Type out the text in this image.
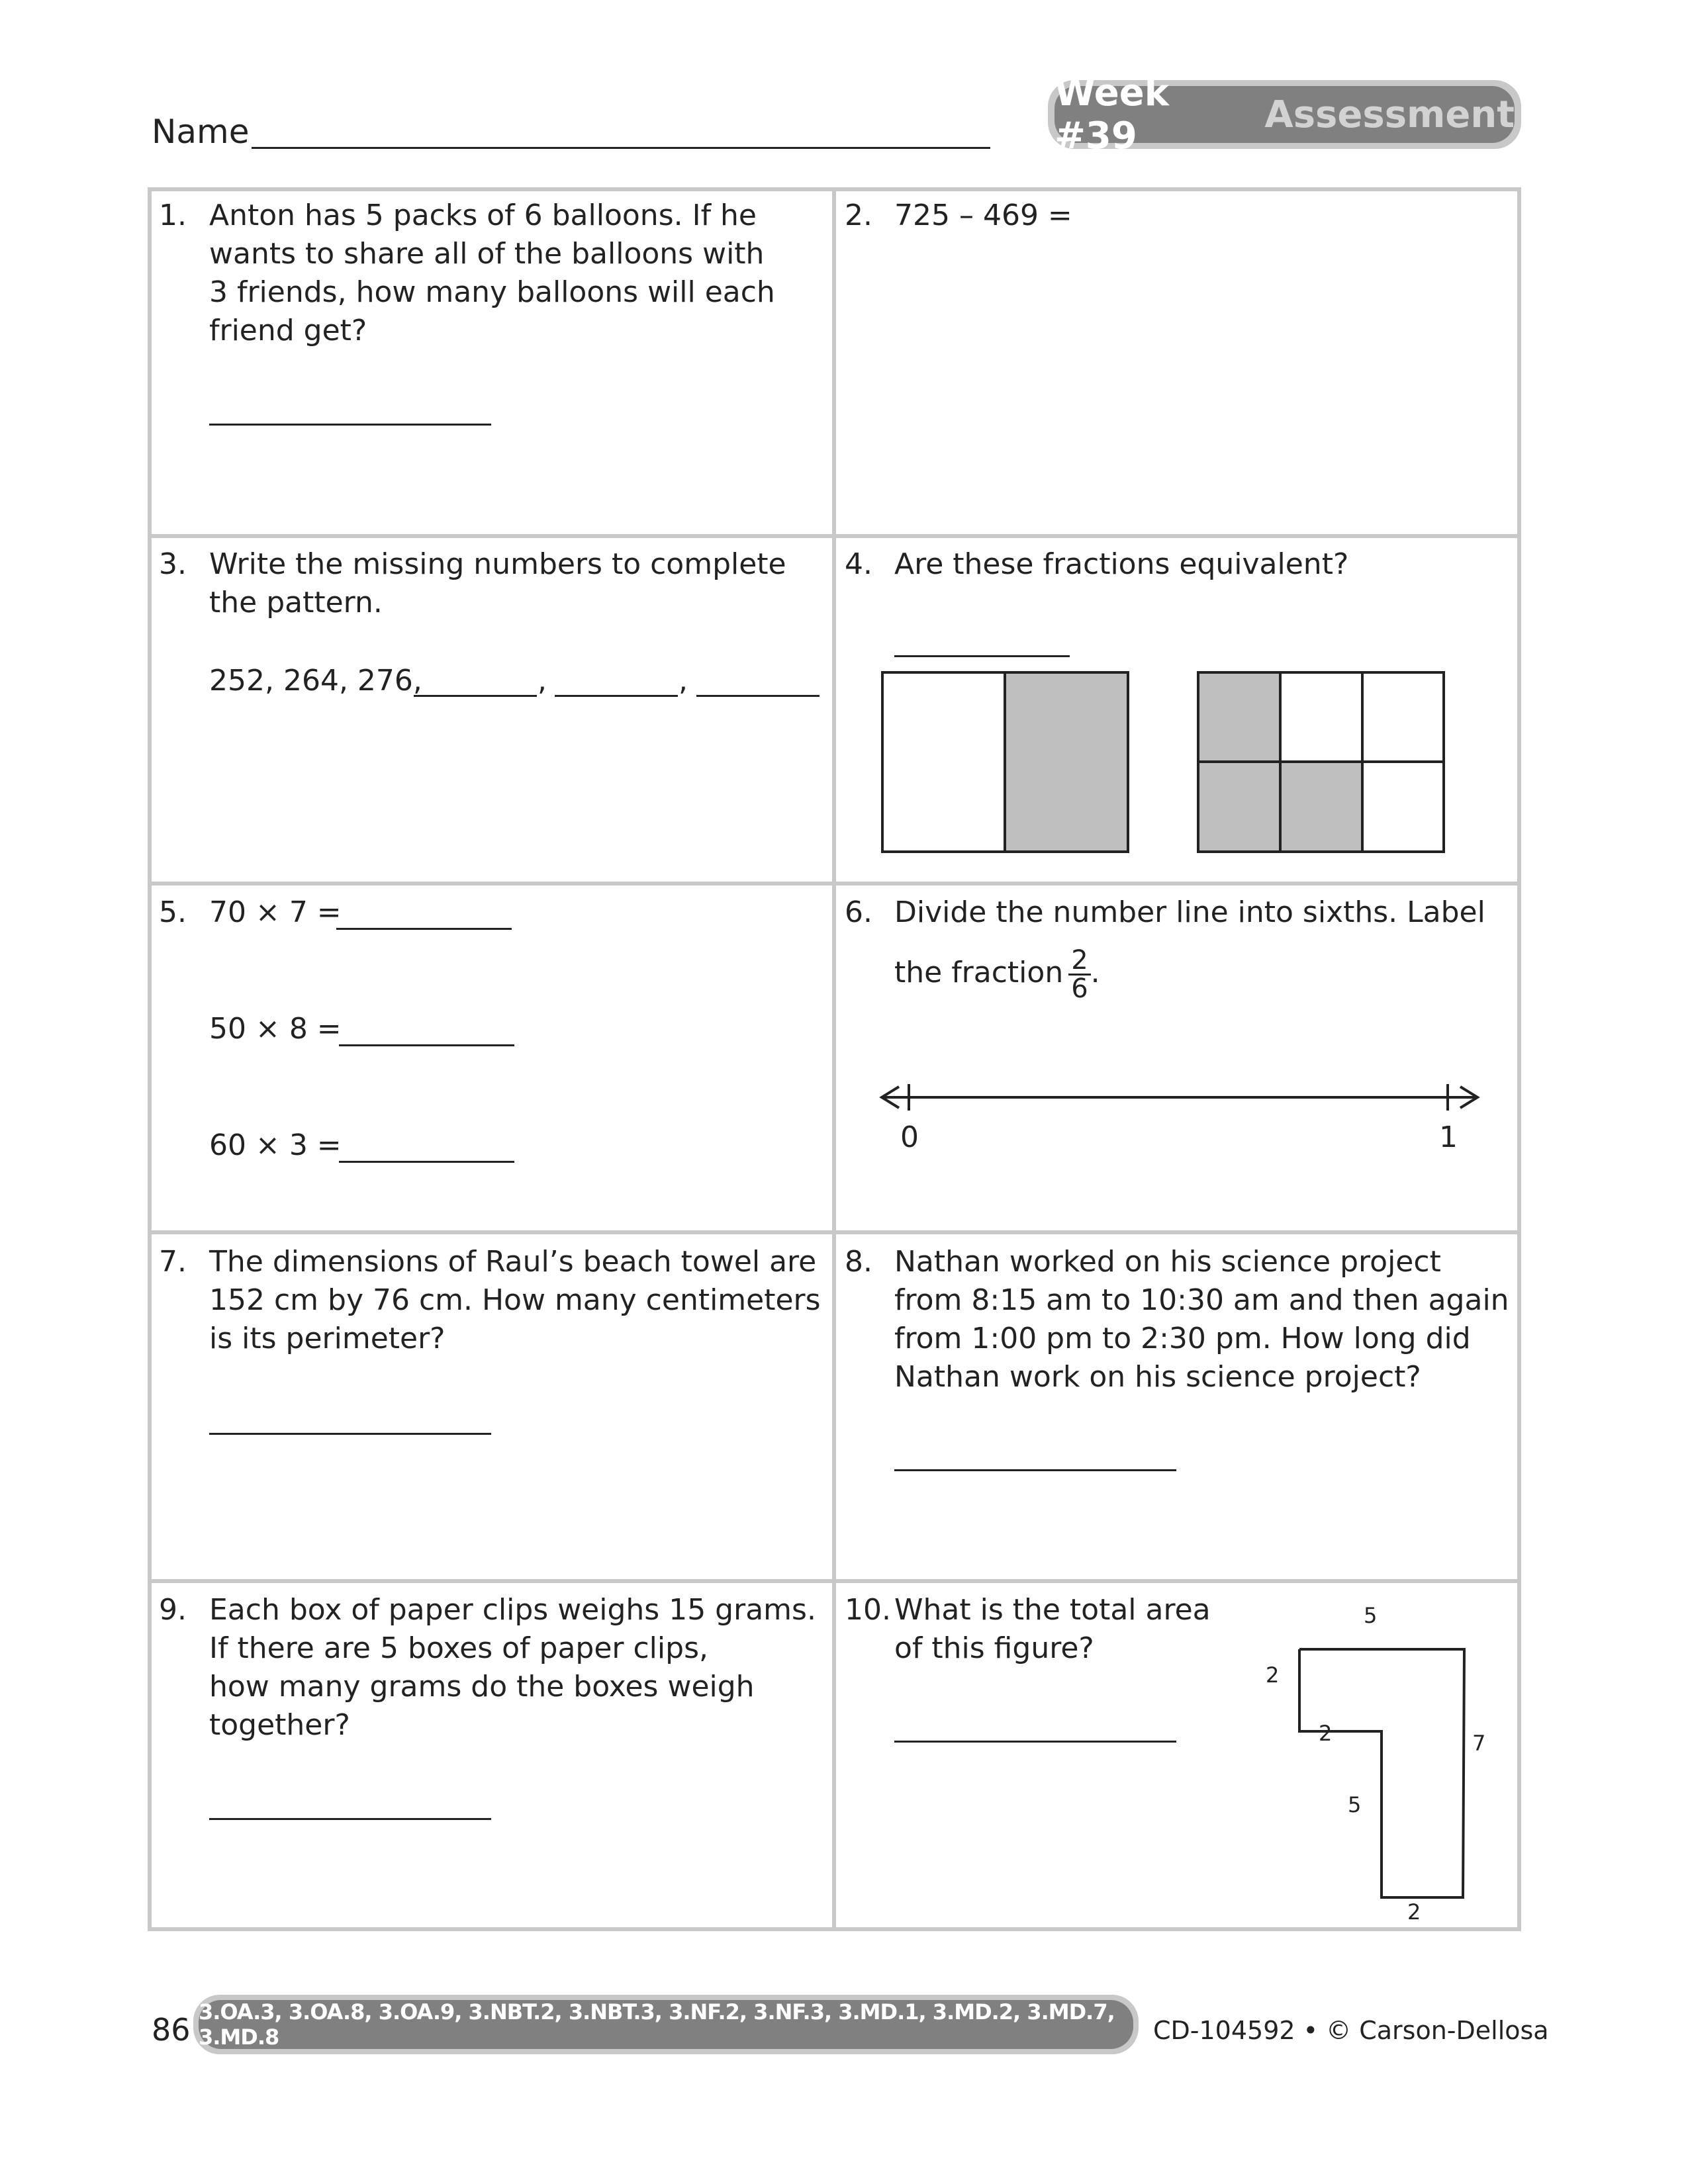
Name
Week #39	Assessment
1. Anton has 5 packs of 6 balloons. If he
wants to share all of the balloons with
3 friends, how many balloons will each
friend get?
2. 725 – 469 =
3. Write the missing numbers to complete
the pattern.
252, 264, 276,	,	,
4. Are these fractions equivalent?
5. 70 × 7 =
50 × 8 =
60 × 3 =
6. Divide the number line into sixths. Label
the fraction $\frac{2}{6}$ .
0	1
7. The dimensions of Raul’s beach towel are
152 cm by 76 cm. How many centimeters
is its perimeter?
8. Nathan worked on his science project
from 8:15 am to 10:30 am and then again
from 1:00 pm to 2:30 pm. How long did
Nathan work on his science project?
9. Each box of paper clips weighs 15 grams.
If there are 5 boxes of paper clips,
how many grams do the boxes weigh
together?
10. What is the total area
of this figure?
5
2
2
5
7
2
86 3.OA.3, 3.OA.8, 3.OA.9, 3.NBT.2, 3.NBT.3, 3.NF.2, 3.NF.3, 3.MD.1, 3.MD.2, 3.MD.7, 3.MD.8	CD-104592 • © Carson-Dellosa
